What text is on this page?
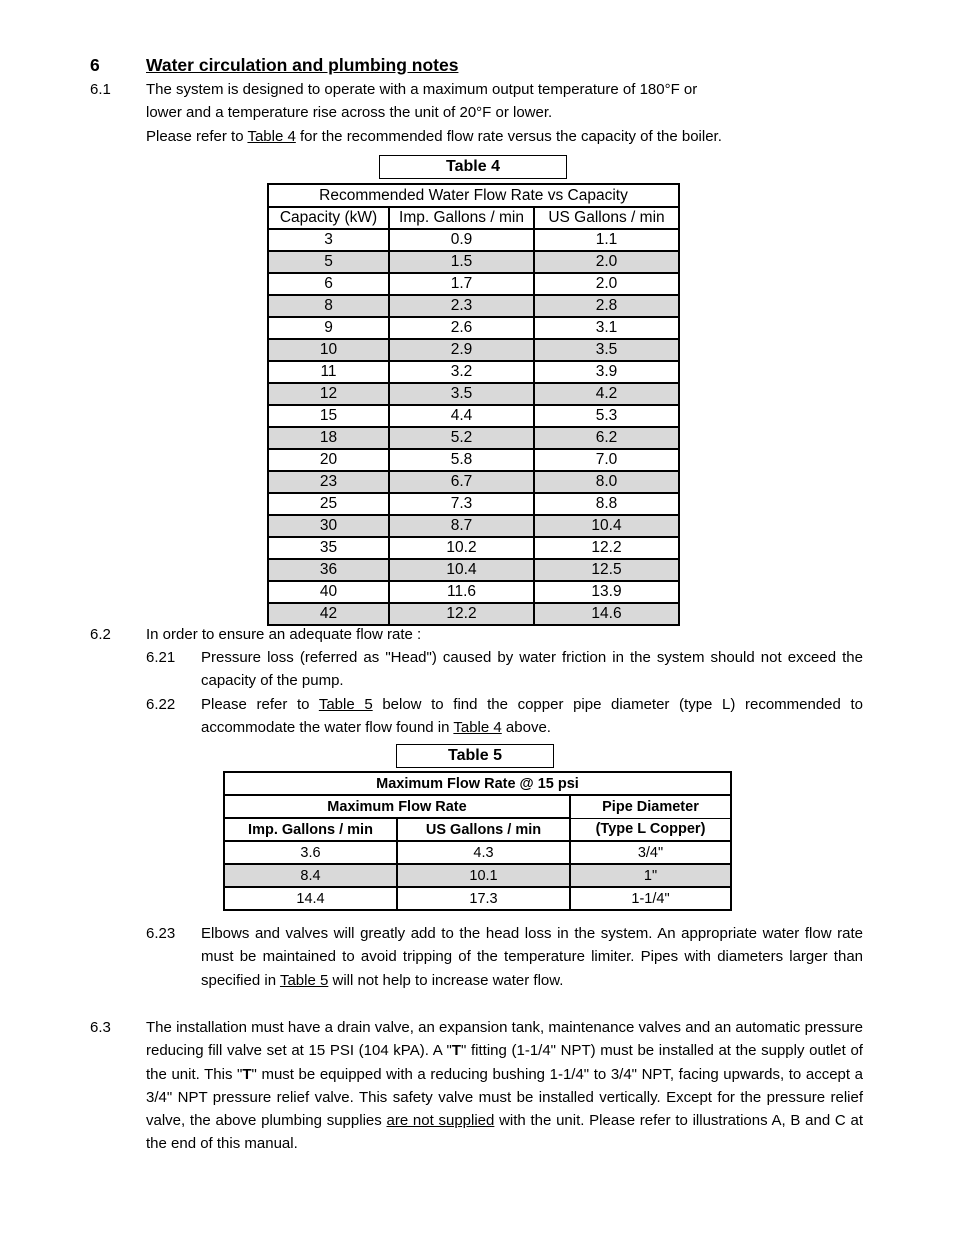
6	Water circulation and plumbing notes
6.1 The system is designed to operate with a maximum output temperature of 180°F or
lower and a temperature rise across the unit of 20°F or lower.
Please refer to Table 4 for the recommended flow rate versus the capacity of the boiler.
Table 4
Recommended Water Flow Rate vs Capacity		
Capacity (kW)	Imp. Gallons / min	US Gallons / min
3	0.9	1.1
5	1.5	2.0
6	1.7	2.0
8	2.3	2.8
9	2.6	3.1
10	2.9	3.5
11	3.2	3.9
12	3.5	4.2
15	4.4	5.3
18	5.2	6.2
20	5.8	7.0
23	6.7	8.0
25	7.3	8.8
30	8.7	10.4
35	10.2	12.2
36	10.4	12.5
40	11.6	13.9
42	12.2	14.6
6.2 In order to ensure an adequate flow rate :
6.21 Pressure loss (referred as "Head") caused by water friction in the system should not exceed the capacity of the pump.
6.22 Please refer to Table 5 below to find the copper pipe diameter (type L) recommended to accommodate the water flow found in Table 4 above.
Table 5
Maximum Flow Rate @ 15 psi		
Maximum Flow Rate		Pipe Diameter
Imp. Gallons / min	US Gallons / min	(Type L Copper)
3.6	4.3	3/4"
8.4	10.1	1"
14.4	17.3	1-1/4"
6.23 Elbows and valves will greatly add to the head loss in the system. An appropriate water flow rate must be maintained to avoid tripping of the temperature limiter. Pipes with diameters larger than specified in Table 5 will not help to increase water flow.
6.3 The installation must have a drain valve, an expansion tank, maintenance valves and an automatic pressure reducing fill valve set at 15 PSI (104 kPA). A "T" fitting (1-1/4" NPT) must be installed at the supply outlet of the unit. This "T" must be equipped with a reducing bushing 1-1/4" to 3/4" NPT, facing upwards, to accept a 3/4" NPT pressure relief valve. This safety valve must be installed vertically. Except for the pressure relief valve, the above plumbing supplies are not supplied with the unit. Please refer to illustrations A, B and C at the end of this manual.
